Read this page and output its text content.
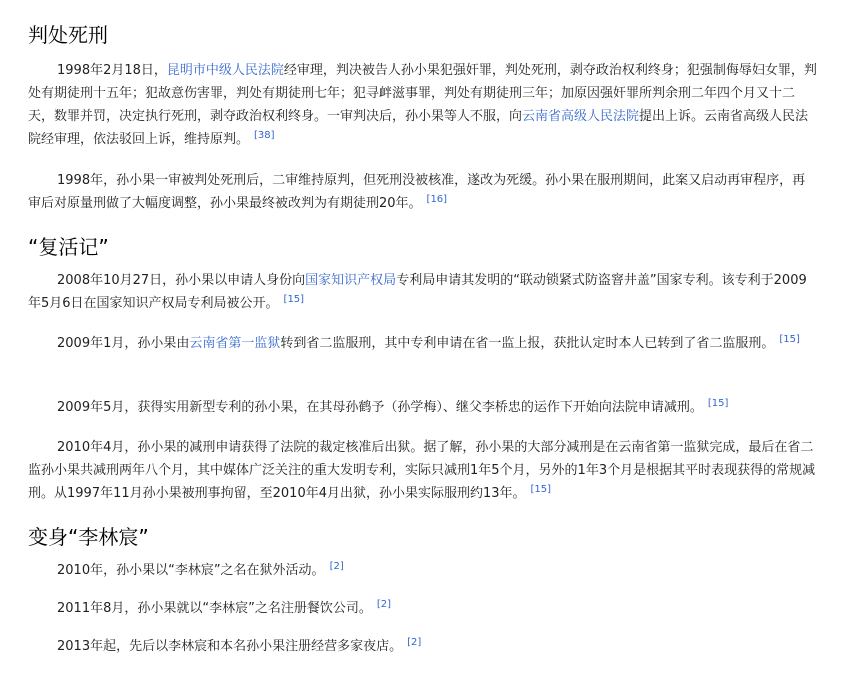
判处死刑

1998年2月18日，昆明市中级人民法院经审理，判决被告人孙小果犯强奸罪，判处死刑，剥夺政治权利终身；犯强制侮辱妇女罪，判处有期徒刑十五年；犯故意伤害罪，判处有期徒刑七年；犯寻衅滋事罪，判处有期徒刑三年；加原因强奸罪所判余刑二年四个月又十二天，数罪并罚，决定执行死刑，剥夺政治权利终身。一审判决后，孙小果等人不服，向云南省高级人民法院提出上诉。云南省高级人民法院经审理，依法驳回上诉，维持原判。 [38]

1998年，孙小果一审被判处死刑后，二审维持原判，但死刑没被核准，遂改为死缓。孙小果在服刑期间，此案又启动再审程序，再审后对原量刑做了大幅度调整，孙小果最终被改判为有期徒刑20年。 [16]

“复活记”

2008年10月27日，孙小果以申请人身份向国家知识产权局专利局申请其发明的“联动锁紧式防盗窨井盖”国家专利。该专利于2009年5月6日在国家知识产权局专利局被公开。 [15]

2009年1月，孙小果由云南省第一监狱转到省二监服刑，其中专利申请在省一监上报，获批认定时本人已转到了省二监服刑。 [15]

2009年5月，获得实用新型专利的孙小果，在其母孙鹤予（孙学梅）、继父李桥忠的运作下开始向法院申请减刑。 [15]

2010年4月，孙小果的减刑申请获得了法院的裁定核准后出狱。据了解，孙小果的大部分减刑是在云南省第一监狱完成，最后在省二监孙小果共减刑两年八个月，其中媒体广泛关注的重大发明专利，实际只减刑1年5个月，另外的1年3个月是根据其平时表现获得的常规减刑。从1997年11月孙小果被刑事拘留，至2010年4月出狱，孙小果实际服刑约13年。 [15]

变身“李林宸”

2010年，孙小果以“李林宸”之名在狱外活动。 [2]

2011年8月，孙小果就以“李林宸”之名注册餐饮公司。 [2]

2013年起，先后以李林宸和本名孙小果注册经营多家夜店。 [2]
